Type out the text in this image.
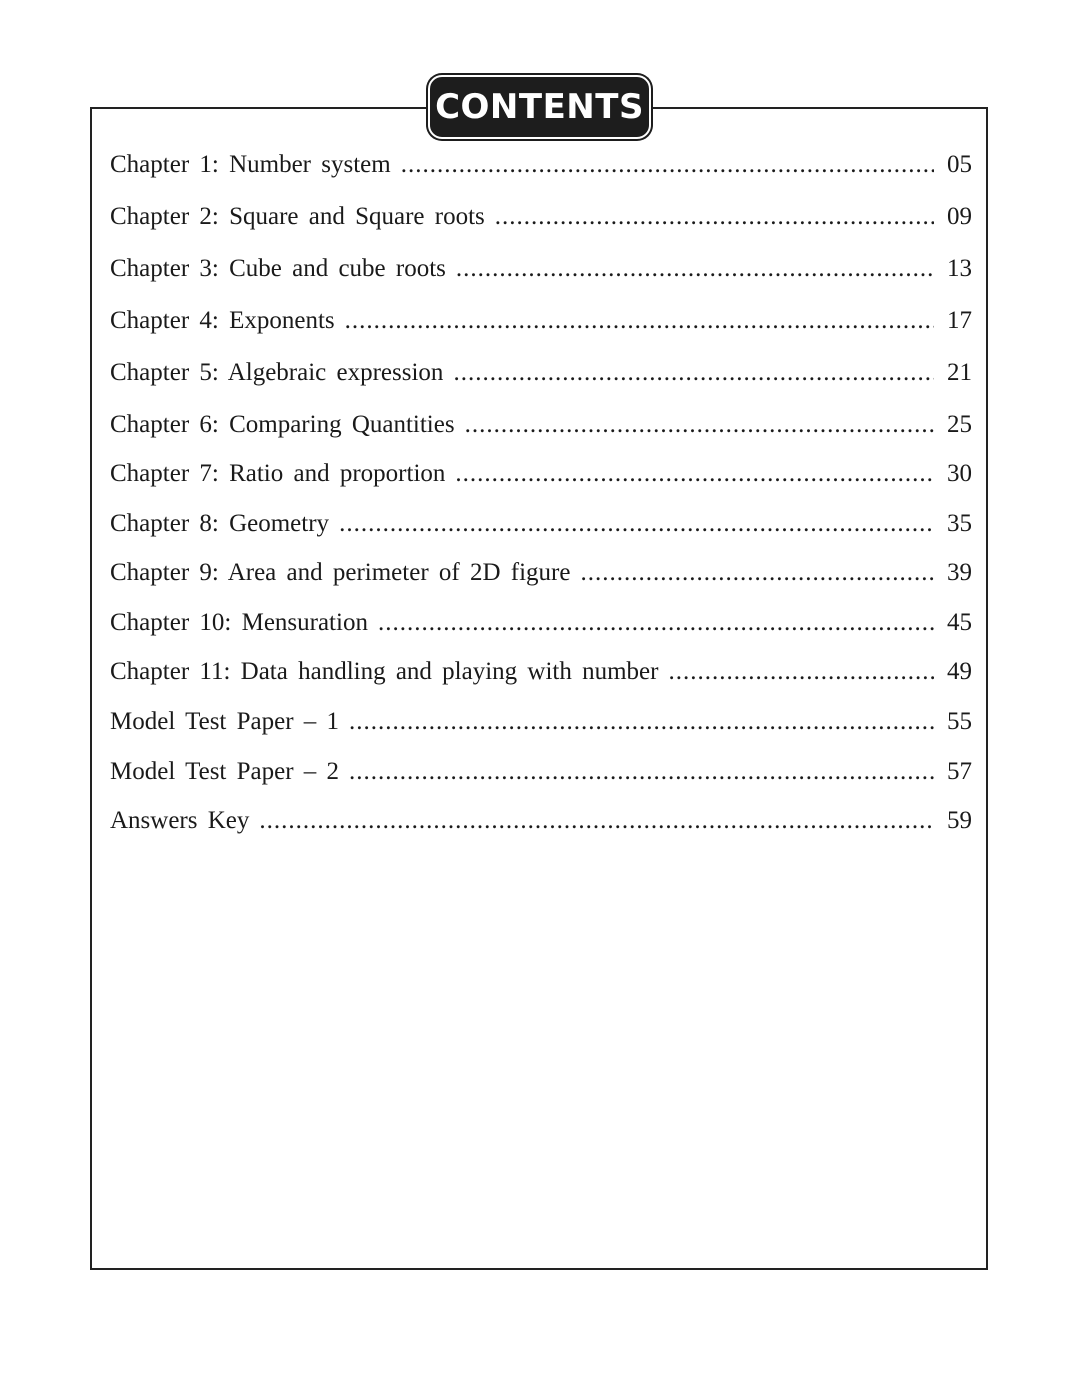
CONTENTS
Chapter 1: Number system .....	05
Chapter 2: Square and Square roots .....	09
Chapter 3: Cube and cube roots .....	13
Chapter 4: Exponents .....	17
Chapter 5: Algebraic expression .....	21
Chapter 6: Comparing Quantities .....	25
Chapter 7: Ratio and proportion .....	30
Chapter 8: Geometry .....	35
Chapter 9: Area and perimeter of 2D figure .....	39
Chapter 10: Mensuration .....	45
Chapter 11: Data handling and playing with number .....	49
Model Test Paper – 1 .....	55
Model Test Paper – 2 .....	57
Answers Key .....	59
